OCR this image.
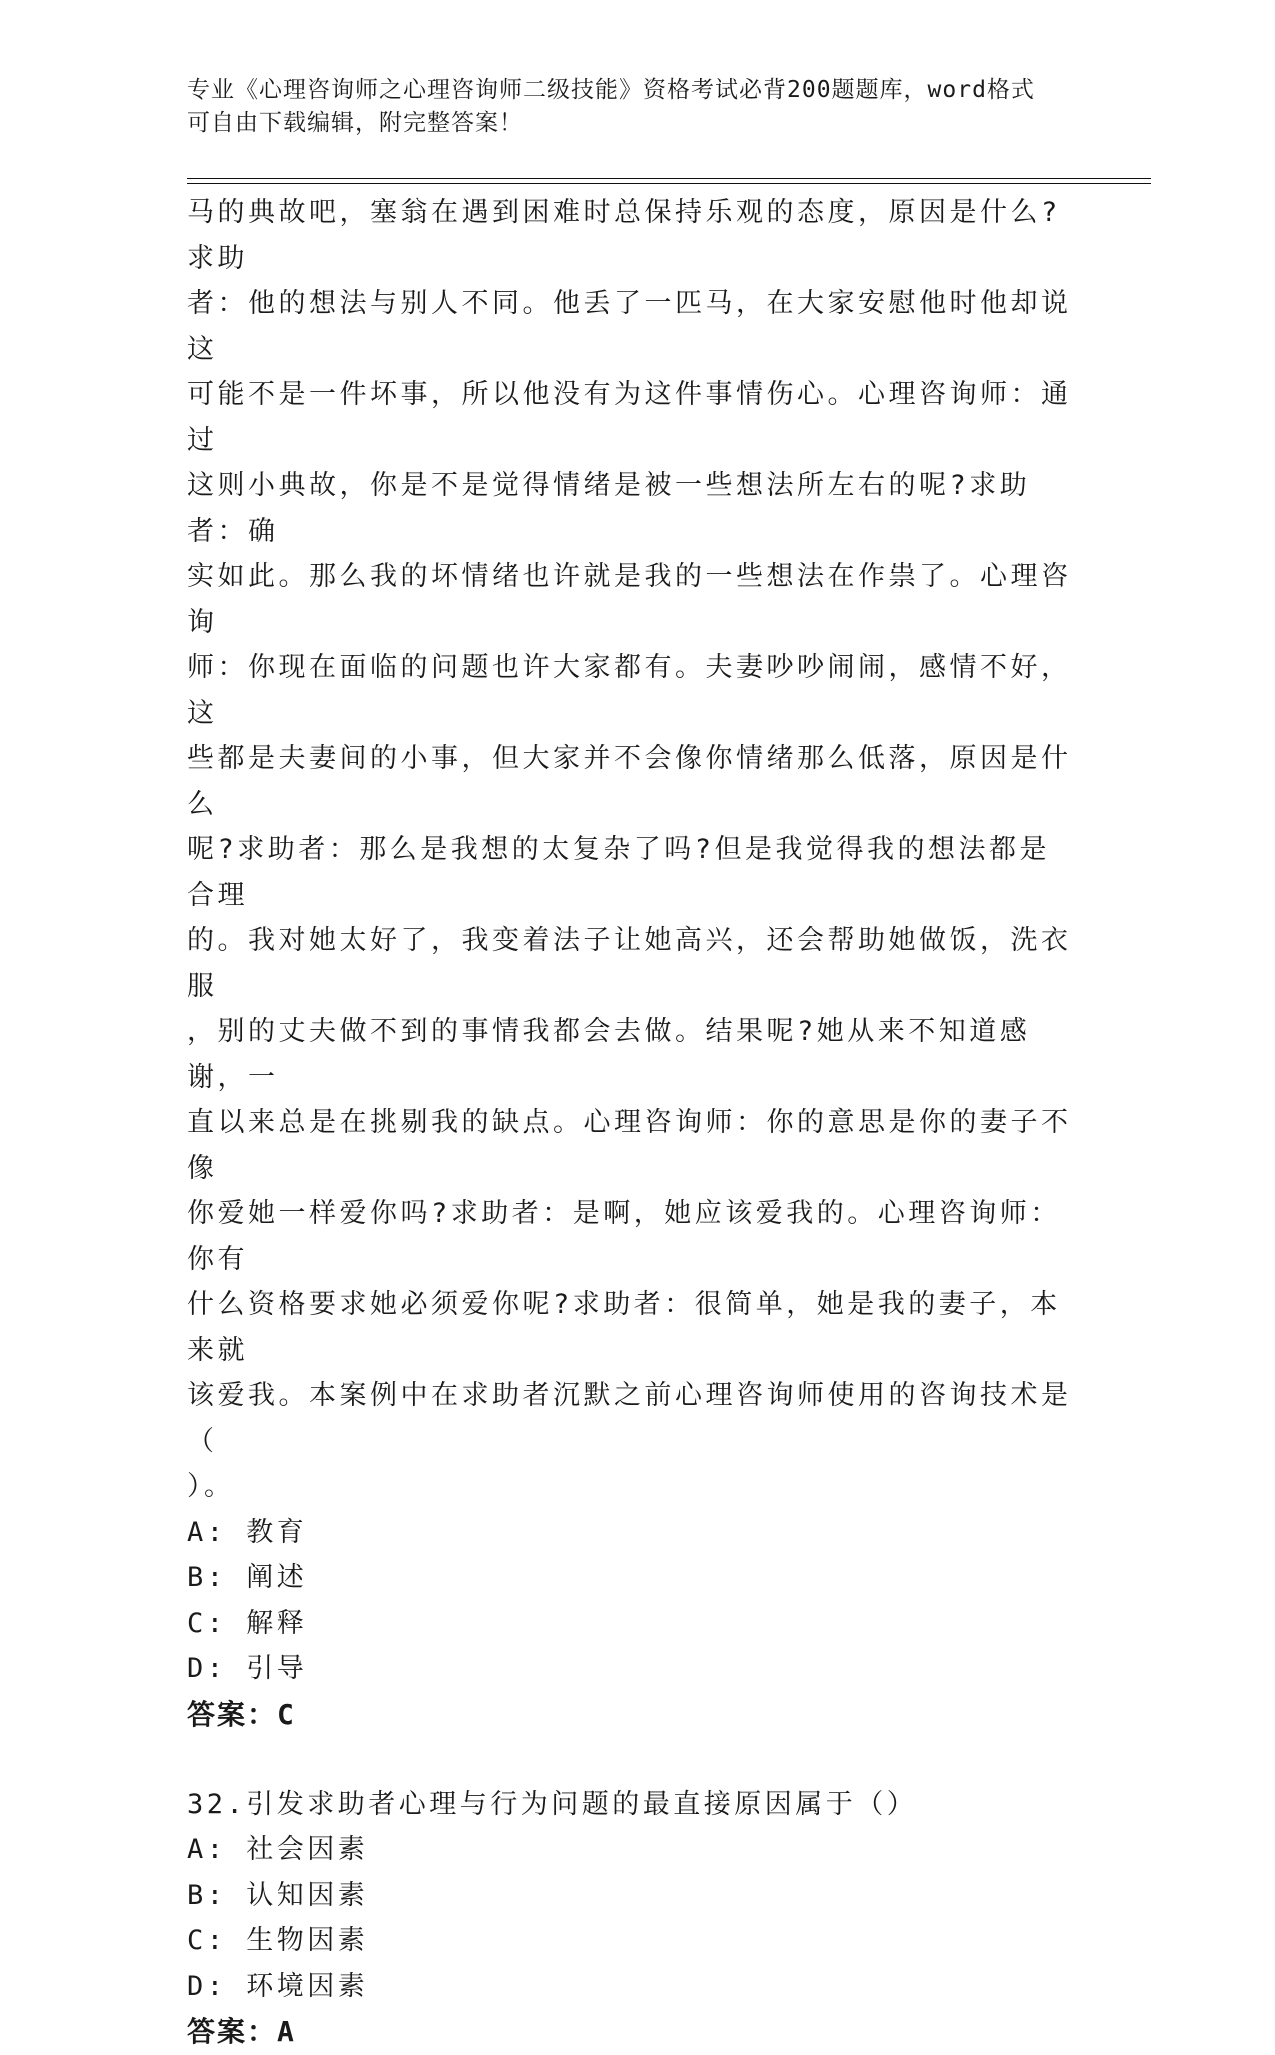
专业《心理咨询师之心理咨询师二级技能》资格考试必背200题题库，word格式
可自由下载编辑，附完整答案！

马的典故吧，塞翁在遇到困难时总保持乐观的态度，原因是什么?求助

者：他的想法与别人不同。他丢了一匹马，在大家安慰他时他却说这

可能不是一件坏事，所以他没有为这件事情伤心。心理咨询师：通过

这则小典故，你是不是觉得情绪是被一些想法所左右的呢?求助者：确

实如此。那么我的坏情绪也许就是我的一些想法在作祟了。心理咨询

师：你现在面临的问题也许大家都有。夫妻吵吵闹闹，感情不好，这

些都是夫妻间的小事，但大家并不会像你情绪那么低落，原因是什么

呢?求助者：那么是我想的太复杂了吗?但是我觉得我的想法都是合理

的。我对她太好了，我变着法子让她高兴，还会帮助她做饭，洗衣服

，别的丈夫做不到的事情我都会去做。结果呢?她从来不知道感谢，一

直以来总是在挑剔我的缺点。心理咨询师：你的意思是你的妻子不像

你爱她一样爱你吗?求助者：是啊，她应该爱我的。心理咨询师：你有

什么资格要求她必须爱你呢?求助者：很简单，她是我的妻子，本来就

该爱我。本案例中在求助者沉默之前心理咨询师使用的咨询技术是（

）。

A: 教育

B: 阐述

C: 解释

D: 引导

答案：C

32.引发求助者心理与行为问题的最直接原因属于（）

A: 社会因素

B: 认知因素

C: 生物因素

D: 环境因素

答案：A
